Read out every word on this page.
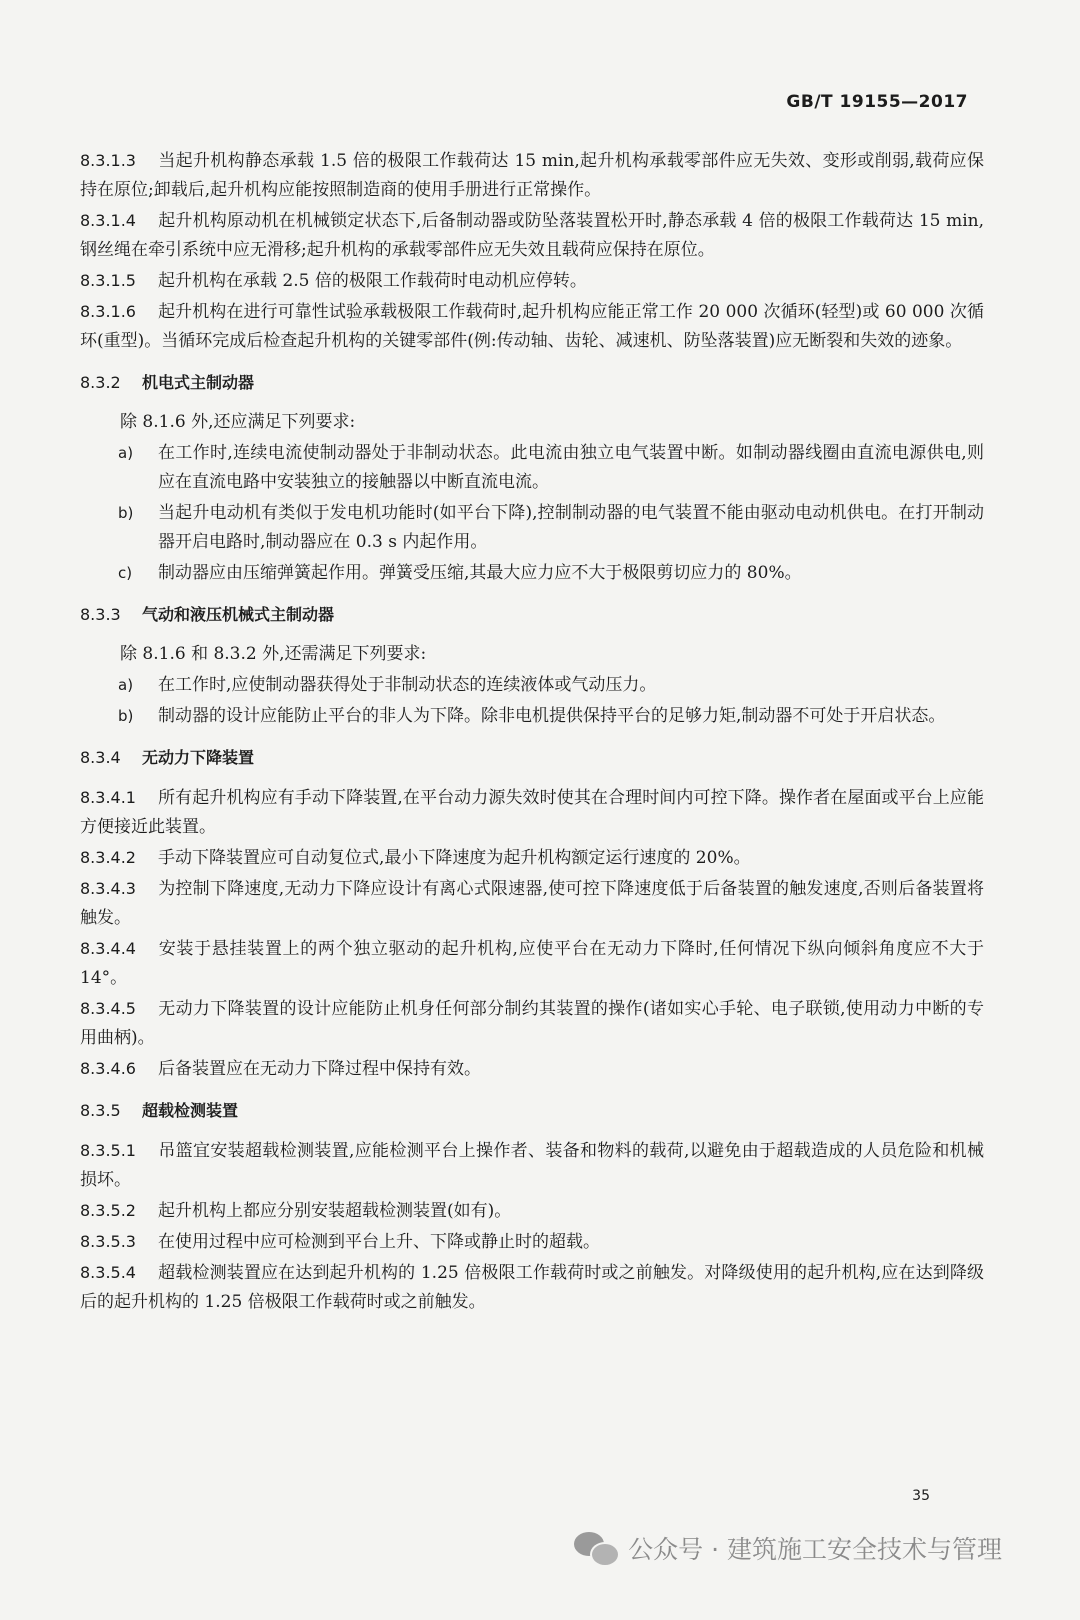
GB/T 19155—2017

8.3.1.3 当起升机构静态承载 1.5 倍的极限工作载荷达 15 min,起升机构承载零部件应无失效、变形或削弱,载荷应保持在原位;卸载后,起升机构应能按照制造商的使用手册进行正常操作。

8.3.1.4 起升机构原动机在机械锁定状态下,后备制动器或防坠落装置松开时,静态承载 4 倍的极限工作载荷达 15 min,钢丝绳在牵引系统中应无滑移;起升机构的承载零部件应无失效且载荷应保持在原位。

8.3.1.5 起升机构在承载 2.5 倍的极限工作载荷时电动机应停转。

8.3.1.6 起升机构在进行可靠性试验承载极限工作载荷时,起升机构应能正常工作 20 000 次循环(轻型)或 60 000 次循环(重型)。当循环完成后检查起升机构的关键零部件(例:传动轴、齿轮、减速机、防坠落装置)应无断裂和失效的迹象。

8.3.2 机电式主制动器

除 8.1.6 外,还应满足下列要求:

a)	在工作时,连续电流使制动器处于非制动状态。此电流由独立电气装置中断。如制动器线圈由直流电源供电,则应在直流电路中安装独立的接触器以中断直流电流。
b)	当起升电动机有类似于发电机功能时(如平台下降),控制制动器的电气装置不能由驱动电动机供电。在打开制动器开启电路时,制动器应在 0.3 s 内起作用。
c)	制动器应由压缩弹簧起作用。弹簧受压缩,其最大应力应不大于极限剪切应力的 80%。
8.3.3 气动和液压机械式主制动器

除 8.1.6 和 8.3.2 外,还需满足下列要求:

a)	在工作时,应使制动器获得处于非制动状态的连续液体或气动压力。
b)	制动器的设计应能防止平台的非人为下降。除非电机提供保持平台的足够力矩,制动器不可处于开启状态。
8.3.4 无动力下降装置

8.3.4.1 所有起升机构应有手动下降装置,在平台动力源失效时使其在合理时间内可控下降。操作者在屋面或平台上应能方便接近此装置。

8.3.4.2 手动下降装置应可自动复位式,最小下降速度为起升机构额定运行速度的 20%。

8.3.4.3 为控制下降速度,无动力下降应设计有离心式限速器,使可控下降速度低于后备装置的触发速度,否则后备装置将触发。

8.3.4.4 安装于悬挂装置上的两个独立驱动的起升机构,应使平台在无动力下降时,任何情况下纵向倾斜角度应不大于 14°。

8.3.4.5 无动力下降装置的设计应能防止机身任何部分制约其装置的操作(诸如实心手轮、电子联锁,使用动力中断的专用曲柄)。

8.3.4.6 后备装置应在无动力下降过程中保持有效。

8.3.5 超载检测装置

8.3.5.1 吊篮宜安装超载检测装置,应能检测平台上操作者、装备和物料的载荷,以避免由于超载造成的人员危险和机械损坏。

8.3.5.2 起升机构上都应分别安装超载检测装置(如有)。

8.3.5.3 在使用过程中应可检测到平台上升、下降或静止时的超载。

8.3.5.4 超载检测装置应在达到起升机构的 1.25 倍极限工作载荷时或之前触发。对降级使用的起升机构,应在达到降级后的起升机构的 1.25 倍极限工作载荷时或之前触发。

35
公众号 · 建筑施工安全技术与管理
